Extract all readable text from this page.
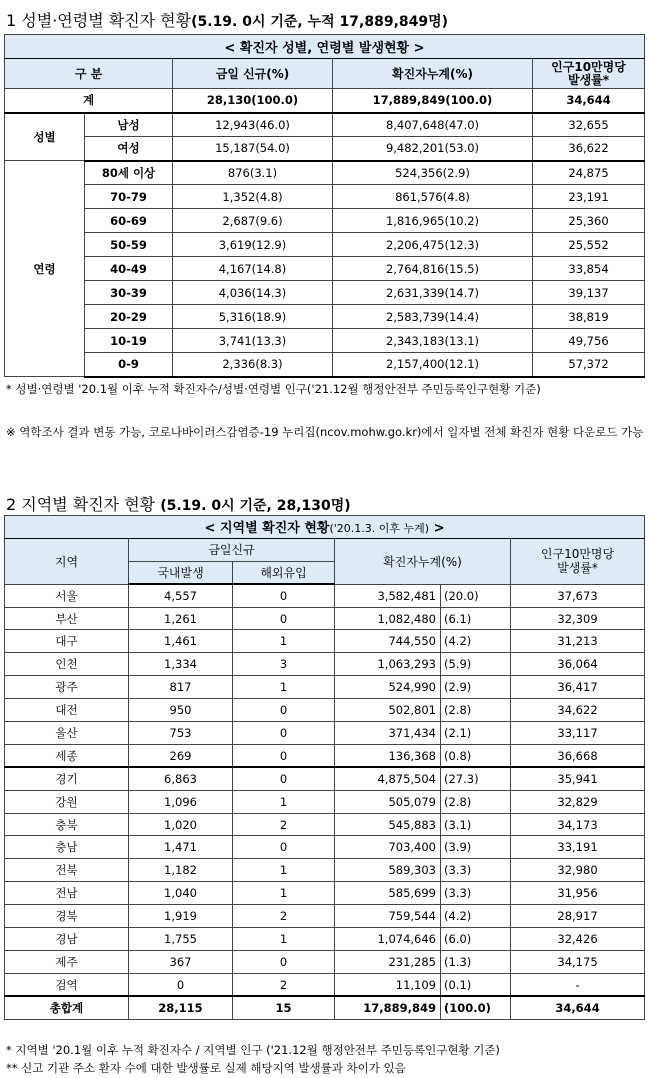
1 성별·연령별 확진자 현황(5.19. 0시 기준, 누적 17,889,849명)
< 확진자 성별, 연령별 발생현황 >				
구 분		금일 신규(%)	확진자누계(%)	인구10만명당
발생률*
계		28,130(100.0)	17,889,849(100.0)	34,644
성별	남성	12,943(46.0)	8,407,648(47.0)	32,655
	여성	15,187(54.0)	9,482,201(53.0)	36,622
연령	80세 이상	876(3.1)	524,356(2.9)	24,875
	70-79	1,352(4.8)	861,576(4.8)	23,191
	60-69	2,687(9.6)	1,816,965(10.2)	25,360
	50-59	3,619(12.9)	2,206,475(12.3)	25,552
	40-49	4,167(14.8)	2,764,816(15.5)	33,854
	30-39	4,036(14.3)	2,631,339(14.7)	39,137
	20-29	5,316(18.9)	2,583,739(14.4)	38,819
	10-19	3,741(13.3)	2,343,183(13.1)	49,756
	0-9	2,336(8.3)	2,157,400(12.1)	57,372
* 성별·연령별 '20.1월 이후 누적 확진자수/성별·연령별 인구('21.12월 행정안전부 주민등록인구현황 기준)
※ 역학조사 결과 변동 가능, 코로나바이러스감염증-19 누리집(ncov.mohw.go.kr)에서 일자별 전체 확진자 현황 다운로드 가능
2 지역별 확진자 현황 (5.19. 0시 기준, 28,130명)
< 지역별 확진자 현황('20.1.3. 이후 누계) >					
지역	금일신규		확진자누계(%)		인구10만명당
발생률*
	국내발생	해외유입			
서울	4,557	0	3,582,481	(20.0)	37,673
부산	1,261	0	1,082,480	(6.1)	32,309
대구	1,461	1	744,550	(4.2)	31,213
인천	1,334	3	1,063,293	(5.9)	36,064
광주	817	1	524,990	(2.9)	36,417
대전	950	0	502,801	(2.8)	34,622
울산	753	0	371,434	(2.1)	33,117
세종	269	0	136,368	(0.8)	36,668
경기	6,863	0	4,875,504	(27.3)	35,941
강원	1,096	1	505,079	(2.8)	32,829
충북	1,020	2	545,883	(3.1)	34,173
충남	1,471	0	703,400	(3.9)	33,191
전북	1,182	1	589,303	(3.3)	32,980
전남	1,040	1	585,699	(3.3)	31,956
경북	1,919	2	759,544	(4.2)	28,917
경남	1,755	1	1,074,646	(6.0)	32,426
제주	367	0	231,285	(1.3)	34,175
검역	0	2	11,109	(0.1)	-
총합계	28,115	15	17,889,849	(100.0)	34,644
* 지역별 '20.1월 이후 누적 확진자수 / 지역별 인구 ('21.12월 행정안전부 주민등록인구현황 기준)
** 신고 기관 주소 환자 수에 대한 발생률로 실제 해당지역 발생률과 차이가 있음
